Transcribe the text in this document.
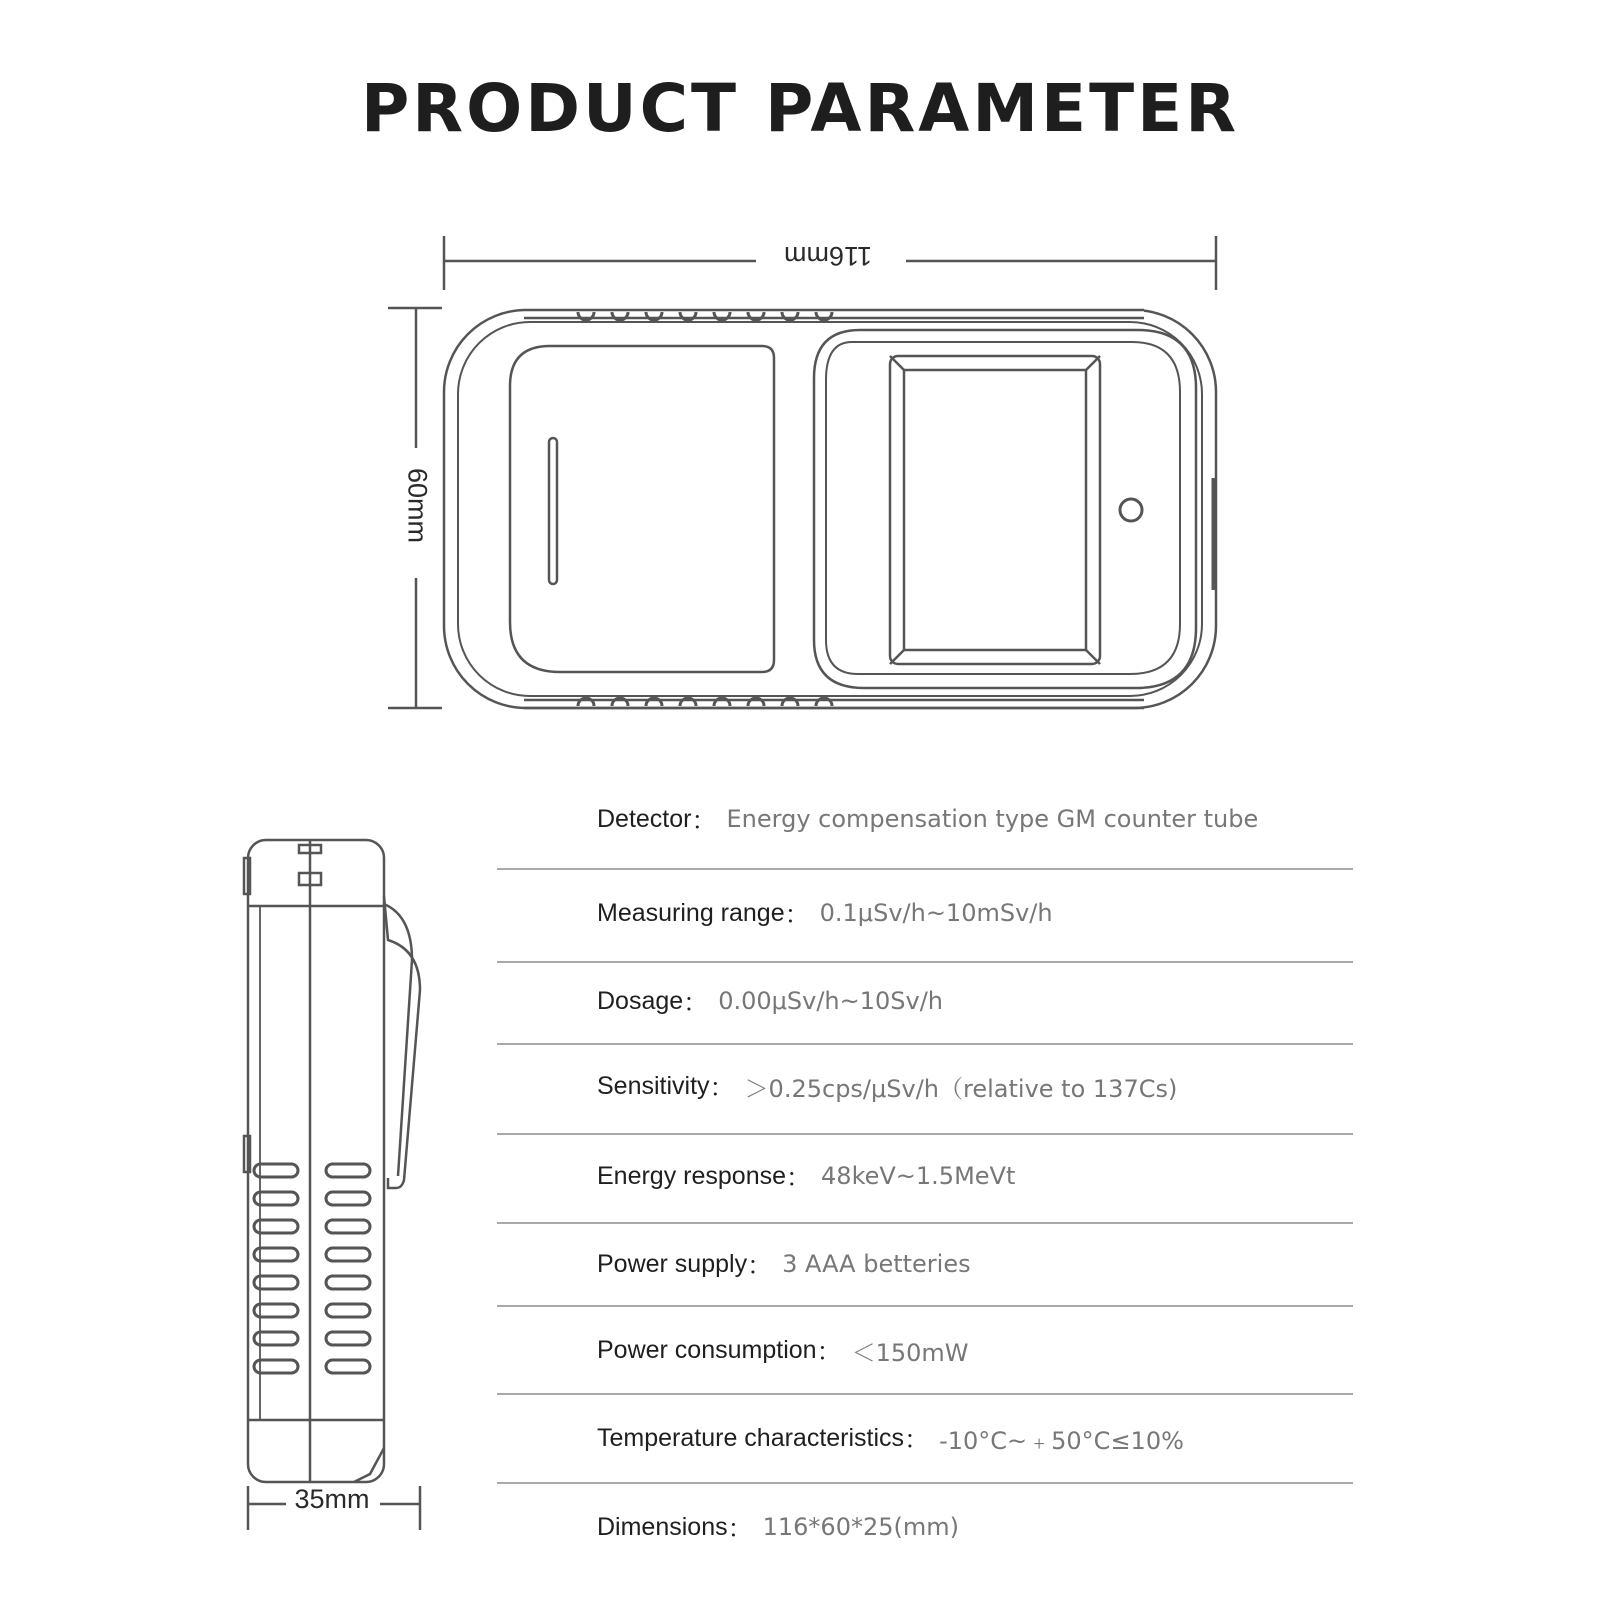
PRODUCT PARAMETER
116mm
60mm
35mm
Detector ： Energy compensation type GM counter tube
Measuring range ： 0.1μSv/h~10mSv/h
Dosage ： 0.00μSv/h~10Sv/h
Sensitivity ： ＞0.25cps/μSv/h（relative to 137Cs)
Energy response ： 48keV~1.5MeVt
Power supply ： 3 AAA betteries
Power consumption ： ＜150mW
Temperature characteristics ： -10°C~﹢50°C≤10%
Dimensions ： 116*60*25(mm)
